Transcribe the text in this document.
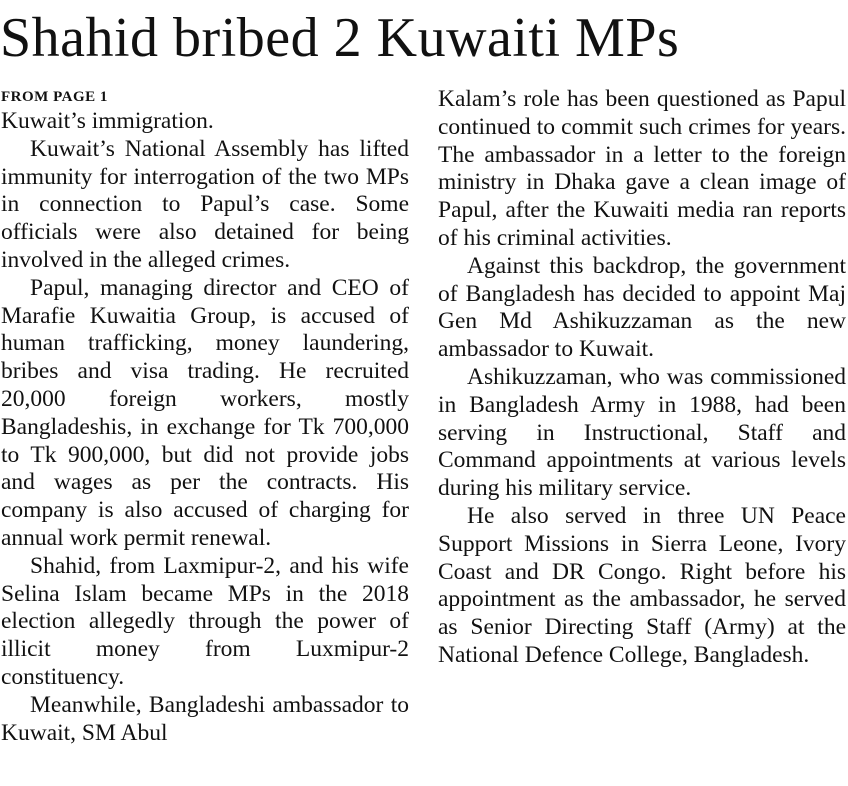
Shahid bribed 2 Kuwaiti MPs
FROM PAGE 1

Kuwait’s immigration.

Kuwait’s National Assembly has lifted immunity for interrogation of the two MPs in connection to Papul’s case. Some officials were also detained for being involved in the alleged crimes.

Papul, managing director and CEO of Marafie Kuwaitia Group, is accused of human trafficking, money laundering, bribes and visa trading. He recruited 20,000 foreign workers, mostly Bangladeshis, in exchange for Tk 700,000 to Tk 900,000, but did not provide jobs and wages as per the contracts. His company is also accused of charging for annual work permit renewal.

Shahid, from Laxmipur-2, and his wife Selina Islam became MPs in the 2018 election allegedly through the power of illicit money from Luxmipur-2 constituency.

Meanwhile, Bangladeshi ambassador to Kuwait, SM Abul

Kalam’s role has been questioned as Papul continued to commit such crimes for years. The ambassador in a letter to the foreign ministry in Dhaka gave a clean image of Papul, after the Kuwaiti media ran reports of his criminal activities.

Against this backdrop, the government of Bangladesh has decided to appoint Maj Gen Md Ashikuzzaman as the new ambassador to Kuwait.

Ashikuzzaman, who was commissioned in Bangladesh Army in 1988, had been serving in Instructional, Staff and Command appointments at various levels during his military service.

He also served in three UN Peace Support Missions in Sierra Leone, Ivory Coast and DR Congo. Right before his appointment as the ambassador, he served as Senior Directing Staff (Army) at the National Defence College, Bangladesh.
